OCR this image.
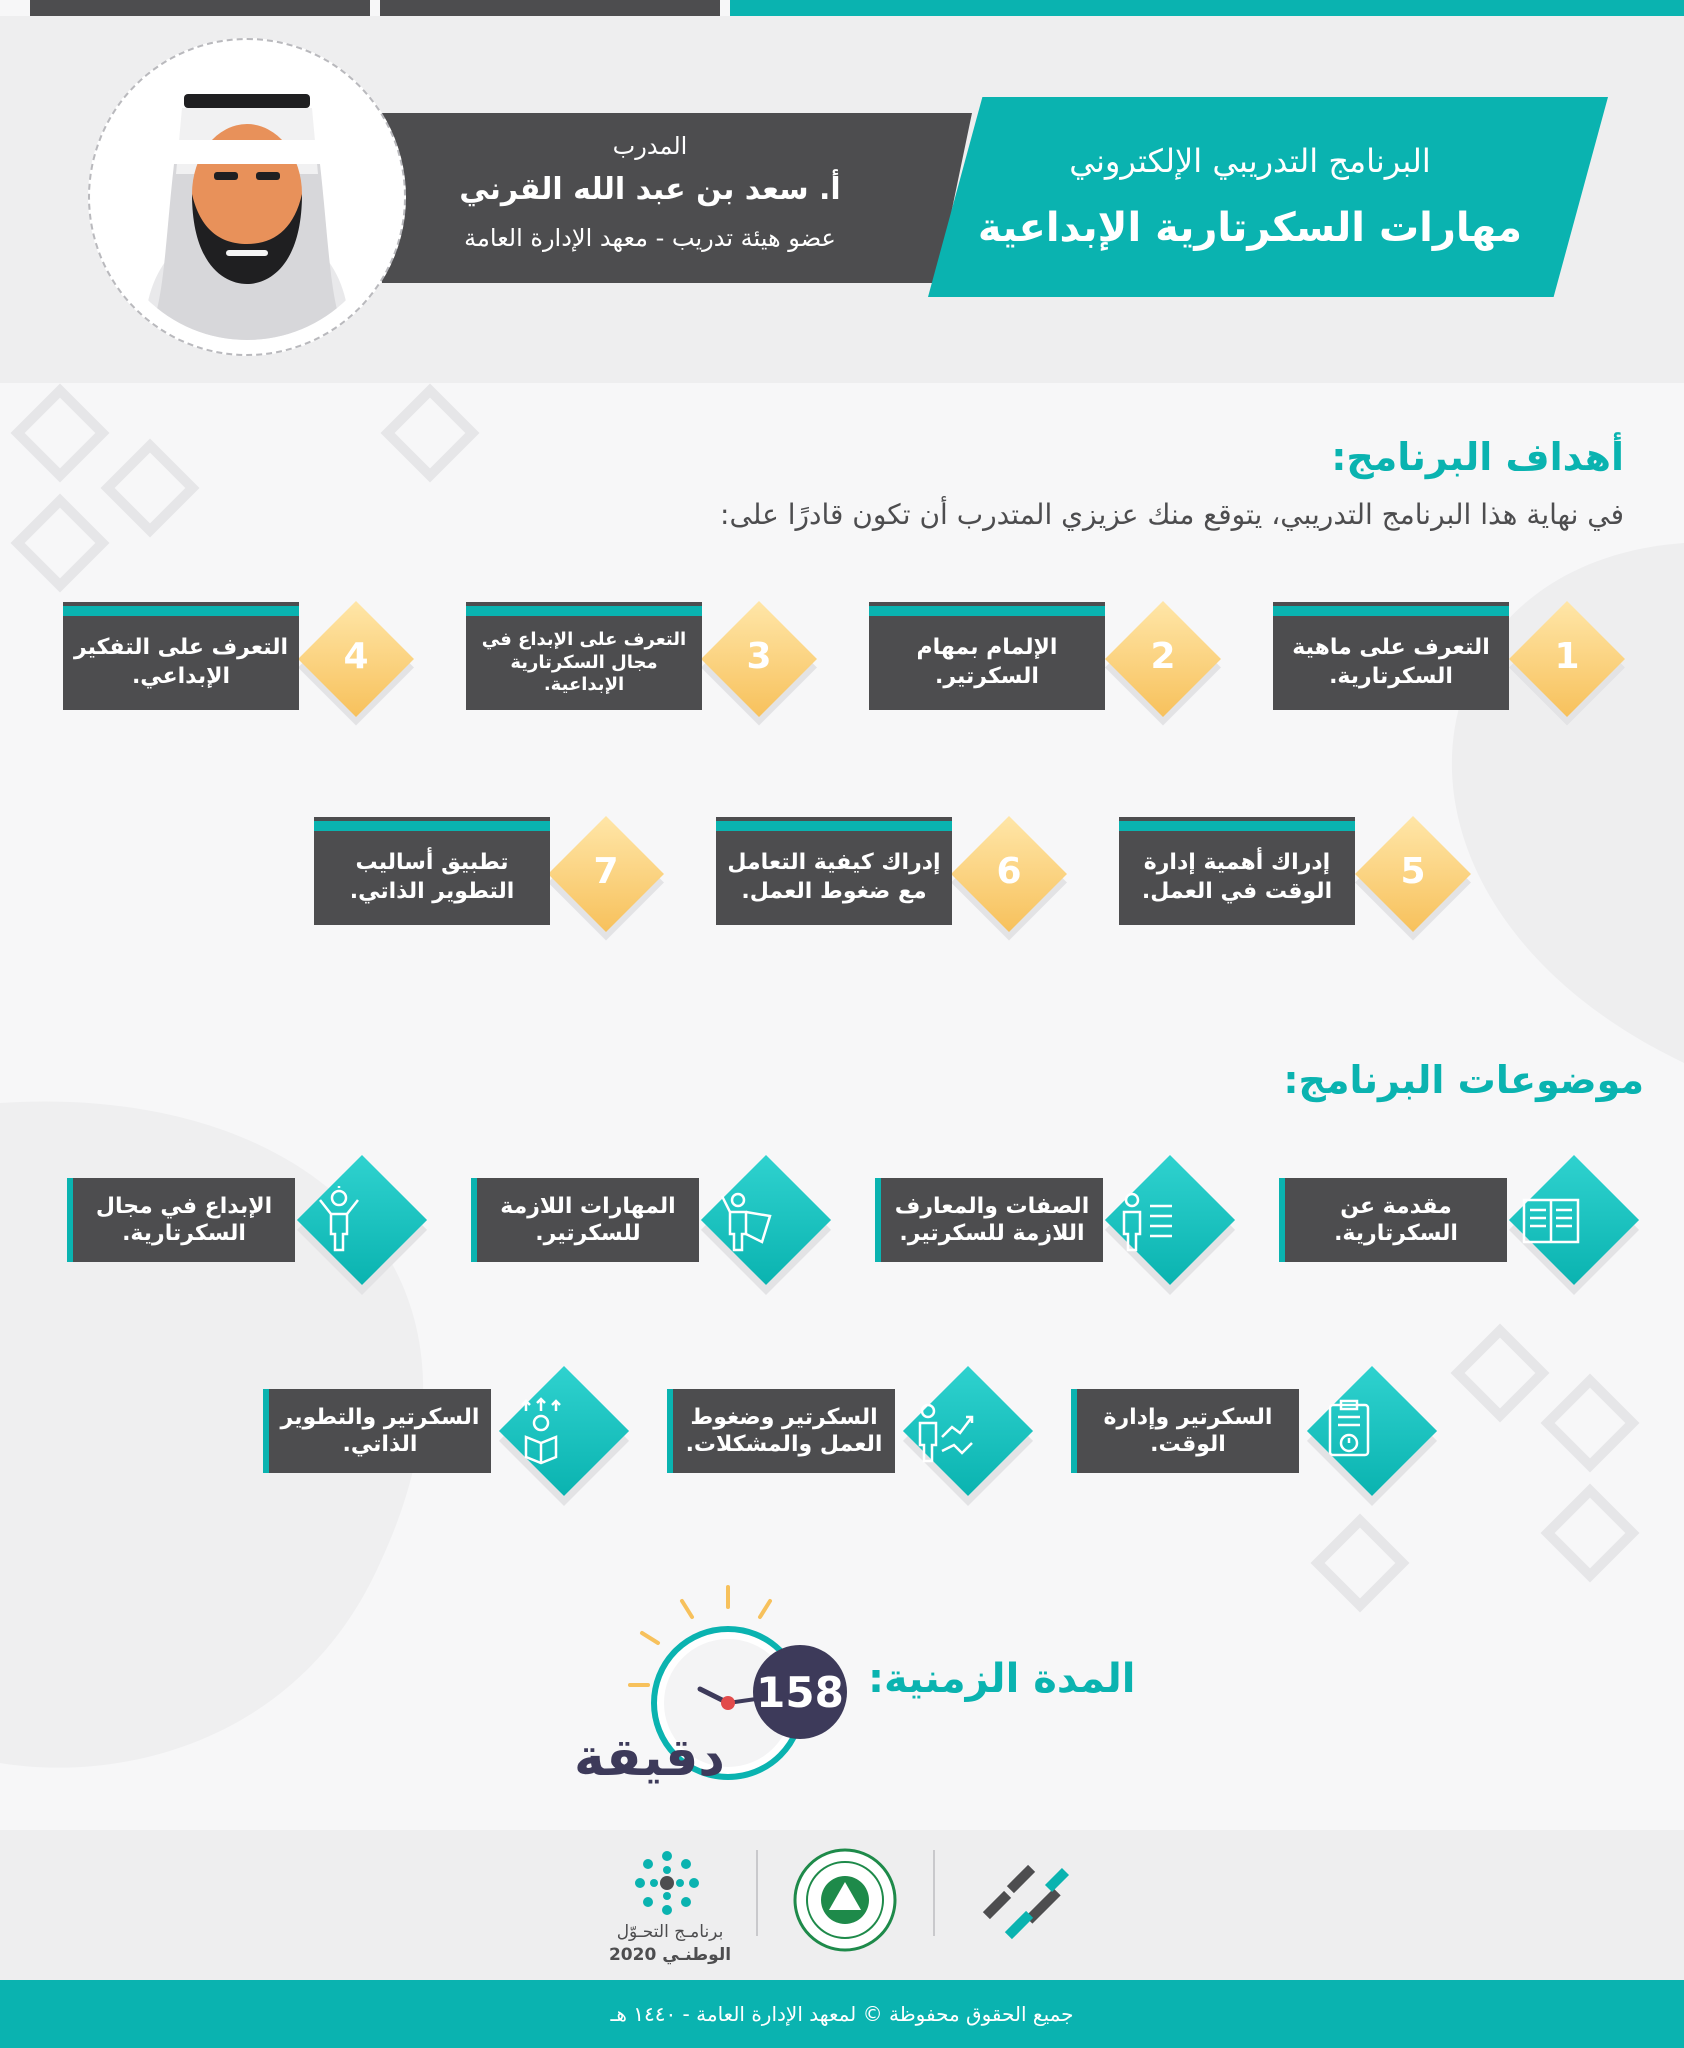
المدرب
أ. سعد بن عبد الله القرني
عضو هيئة تدريب - معهد الإدارة العامة
البرنامج التدريبي الإلكتروني
مهارات السكرتارية الإبداعية
أهداف البرنامج:
في نهاية هذا البرنامج التدريبي، يتوقع منك عزيزي المتدرب أن تكون قادرًا على:
1
التعرف على ماهية السكرتارية.
2
الإلمام بمهام السكرتير.
3
التعرف على الإبداع في مجال السكرتارية الإبداعية.
4
التعرف على التفكير الإبداعي.
5
إدراك أهمية إدارة الوقت في العمل.
6
إدراك كيفية التعامل مع ضغوط العمل.
7
تطبيق أساليب التطوير الذاتي.
موضوعات البرنامج:
مقدمة عن السكرتارية.
الصفات والمعارف اللازمة للسكرتير.
المهارات اللازمة للسكرتير.
الإبداع في مجال السكرتارية.
السكرتير وإدارة الوقت.
السكرتير وضغوط العمل والمشكلات.
السكرتير والتطوير الذاتي.
المدة الزمنية:
158
دقيقة
برنامـج التحـوّل
الوطنـي 2020
جميع الحقوق محفوظة © لمعهد الإدارة العامة - ١٤٤٠ هـ
